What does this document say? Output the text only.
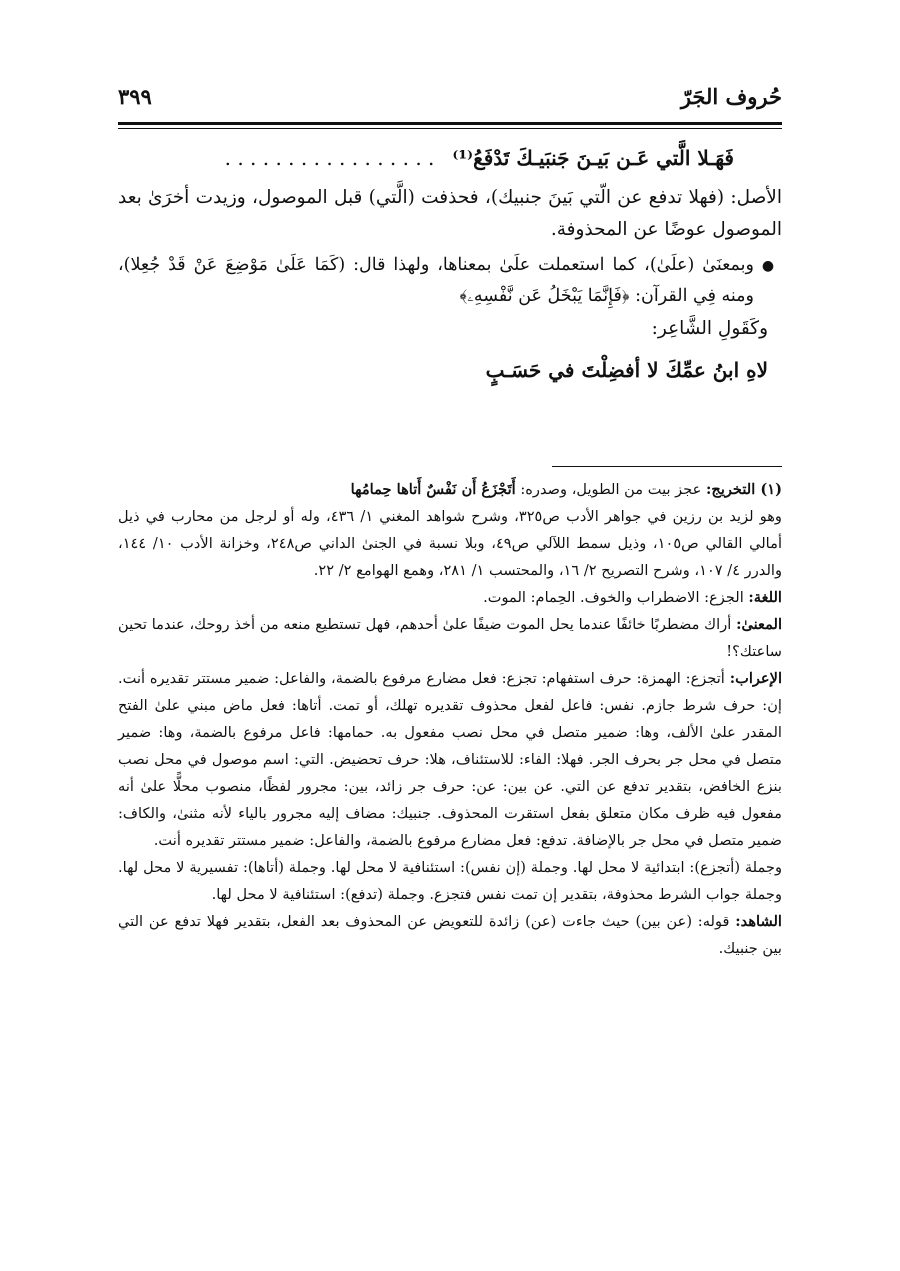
حُروف الجَرّ
٣٩٩
فَهَـلا الَّتي عَـن بَيـنَ جَنبَيـكَ تَدْفَعُ⁽¹⁾. . . . . . . . . . . . . . . . .

الأصل: (فهلا تدفع عن الّتي بَينَ جنبيك)، فحذفت (الَّتي) قبل الموصول، وزيدت أخرَىٰ بعد الموصول عوضًا عن المحذوفة.

●
وبمعنَىٰ (علَىٰ)، كما استعملت علَىٰ بمعناها، ولهذا قال: (كَمَا عَلَىٰ مَوْضِعَ عَنْ قَدْ جُعِلا)، ومنه فِي القرآن: ﴿فَإِنَّمَا يَبْخَلُ عَن نَّفْسِهِۦ﴾
وكَقَولِ الشَّاعِر:
لاهِ ابنُ عمِّكَ لا أفضِلْتَ في حَسَـبٍ
(١) التخريج: عجز بيت من الطويل، وصدره: أَتَجْزَعُ أَن نَفْسٌ أَتاها حِمامُها
وهو لزيد بن رزين في جواهر الأدب ص٣٢٥، وشرح شواهد المغني ١/ ٤٣٦، وله أو لرجل من محارب في ذيل أمالي القالي ص١٠٥، وذيل سمط اللآلي ص٤٩، وبلا نسبة في الجنىٰ الداني ص٢٤٨، وخزانة الأدب ١٠/ ١٤٤، والدرر ٤/ ١٠٧، وشرح التصريح ٢/ ١٦، والمحتسب ١/ ٢٨١، وهمع الهوامع ٢/ ٢٢.
اللغة: الجزع: الاضطراب والخوف. الحِمام: الموت.
المعنىٰ: أراك مضطربًا خائفًا عندما يحل الموت ضيفًا علىٰ أحدهم، فهل تستطيع منعه من أخذ روحك، عندما تحين ساعتك؟!
الإعراب: أتجزع: الهمزة: حرف استفهام: تجزع: فعل مضارع مرفوع بالضمة، والفاعل: ضمير مستتر تقديره أنت. إن: حرف شرط جازم. نفس: فاعل لفعل محذوف تقديره تهلك، أو تمت. أتاها: فعل ماض مبني علىٰ الفتح المقدر علىٰ الألف، وها: ضمير متصل في محل نصب مفعول به. حمامها: فاعل مرفوع بالضمة، وها: ضمير متصل في محل جر بحرف الجر. فهلا: الفاء: للاستئناف، هلا: حرف تحضيض. التي: اسم موصول في محل نصب بنزع الخافض، بتقدير تدفع عن التي. عن بين: عن: حرف جر زائد، بين: مجرور لفظًا، منصوب محلًّا علىٰ أنه مفعول فيه ظرف مكان متعلق بفعل استقرت المحذوف. جنبيك: مضاف إليه مجرور بالياء لأنه مثنىٰ، والكاف: ضمير متصل في محل جر بالإضافة. تدفع: فعل مضارع مرفوع بالضمة، والفاعل: ضمير مستتر تقديره أنت.
وجملة (أتجزع): ابتدائية لا محل لها. وجملة (إن نفس): استئنافية لا محل لها. وجملة (أتاها): تفسيرية لا محل لها. وجملة جواب الشرط محذوفة، بتقدير إن تمت نفس فتجزع. وجملة (تدفع): استئنافية لا محل لها.
الشاهد: قوله: (عن بين) حيث جاءت (عن) زائدة للتعويض عن المحذوف بعد الفعل، بتقدير فهلا تدفع عن التي بين جنبيك.
